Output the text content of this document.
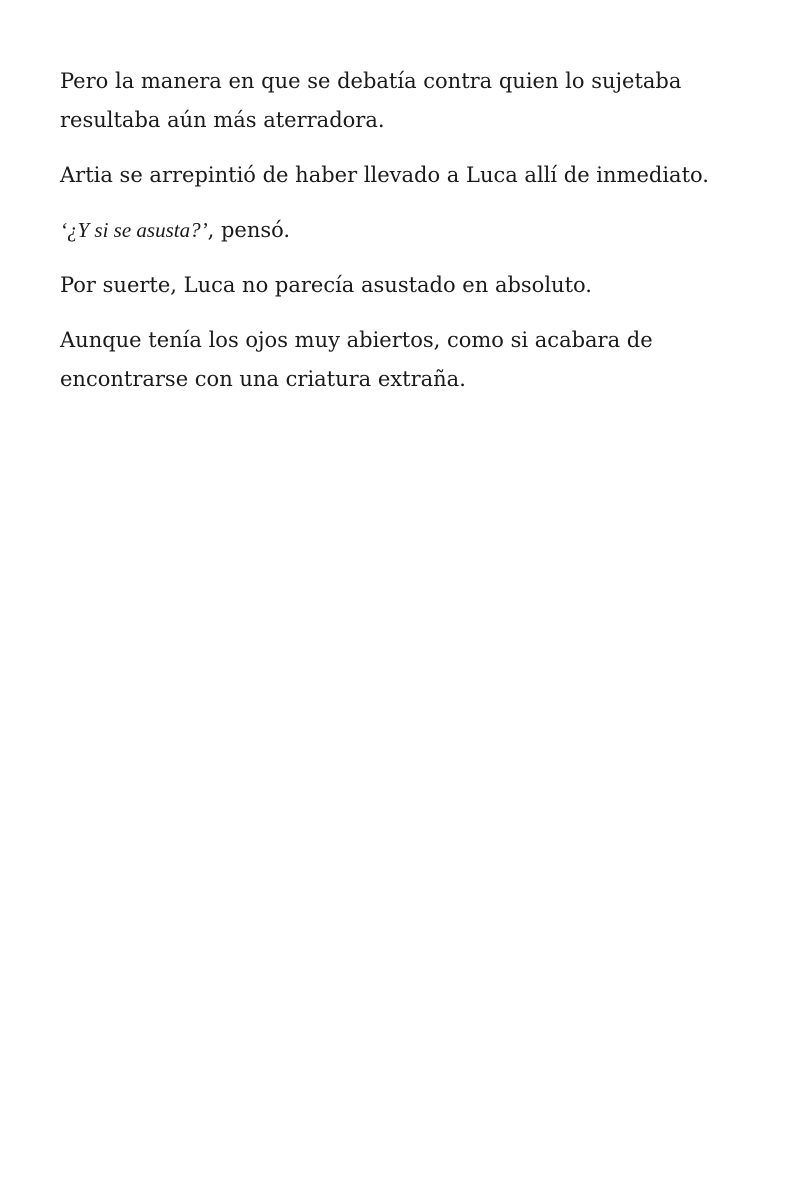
Pero la manera en que se debatía contra quien lo sujetaba resultaba aún más aterradora.

Artia se arrepintió de haber llevado a Luca allí de inmediato.

‘¿Y si se asusta?’, pensó.

Por suerte, Luca no parecía asustado en absoluto.

Aunque tenía los ojos muy abiertos, como si acabara de encontrarse con una criatura extraña.
